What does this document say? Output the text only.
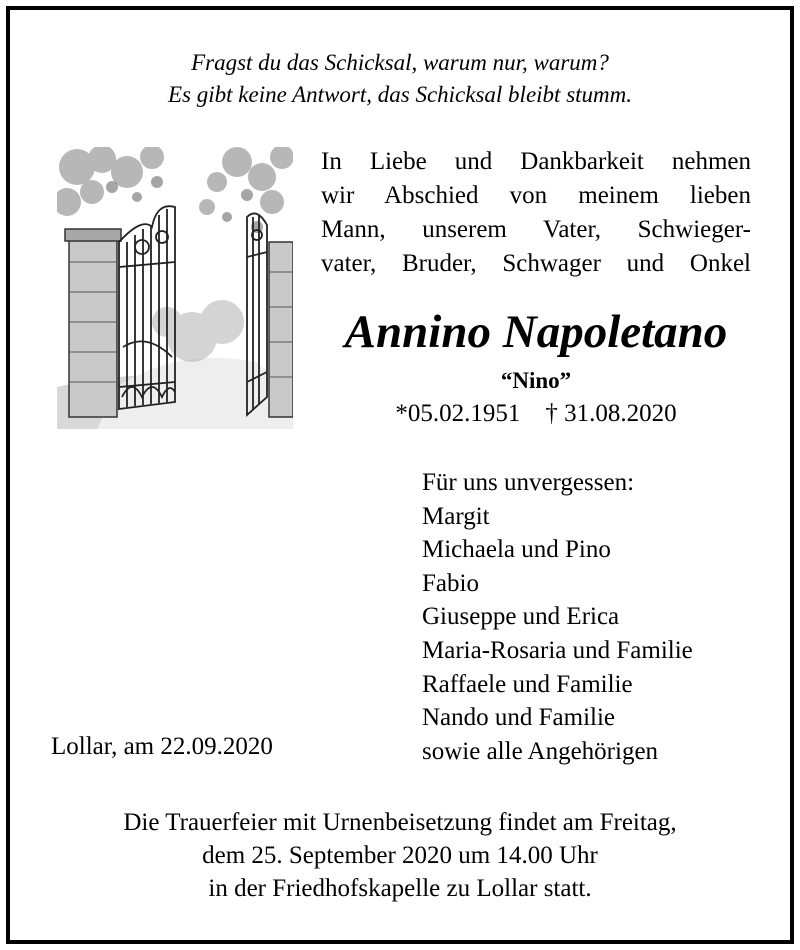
Fragst du das Schicksal, warum nur, warum?
Es gibt keine Antwort, das Schicksal bleibt stumm.
In Liebe und Dankbarkeit nehmen
wir Abschied von meinem lieben
Mann, unserem Vater, Schwieger-
vater, Bruder, Schwager und Onkel
Annino Napoletano
“Nino”
*05.02.1951 † 31.08.2020
Für uns unvergessen:
Margit
Michaela und Pino
Fabio
Giuseppe und Erica
Maria-Rosaria und Familie
Raffaele und Familie
Nando und Familie
sowie alle Angehörigen
Lollar, am 22.09.2020
Die Trauerfeier mit Urnenbeisetzung findet am Freitag,
dem 25. September 2020 um 14.00 Uhr
in der Friedhofskapelle zu Lollar statt.
